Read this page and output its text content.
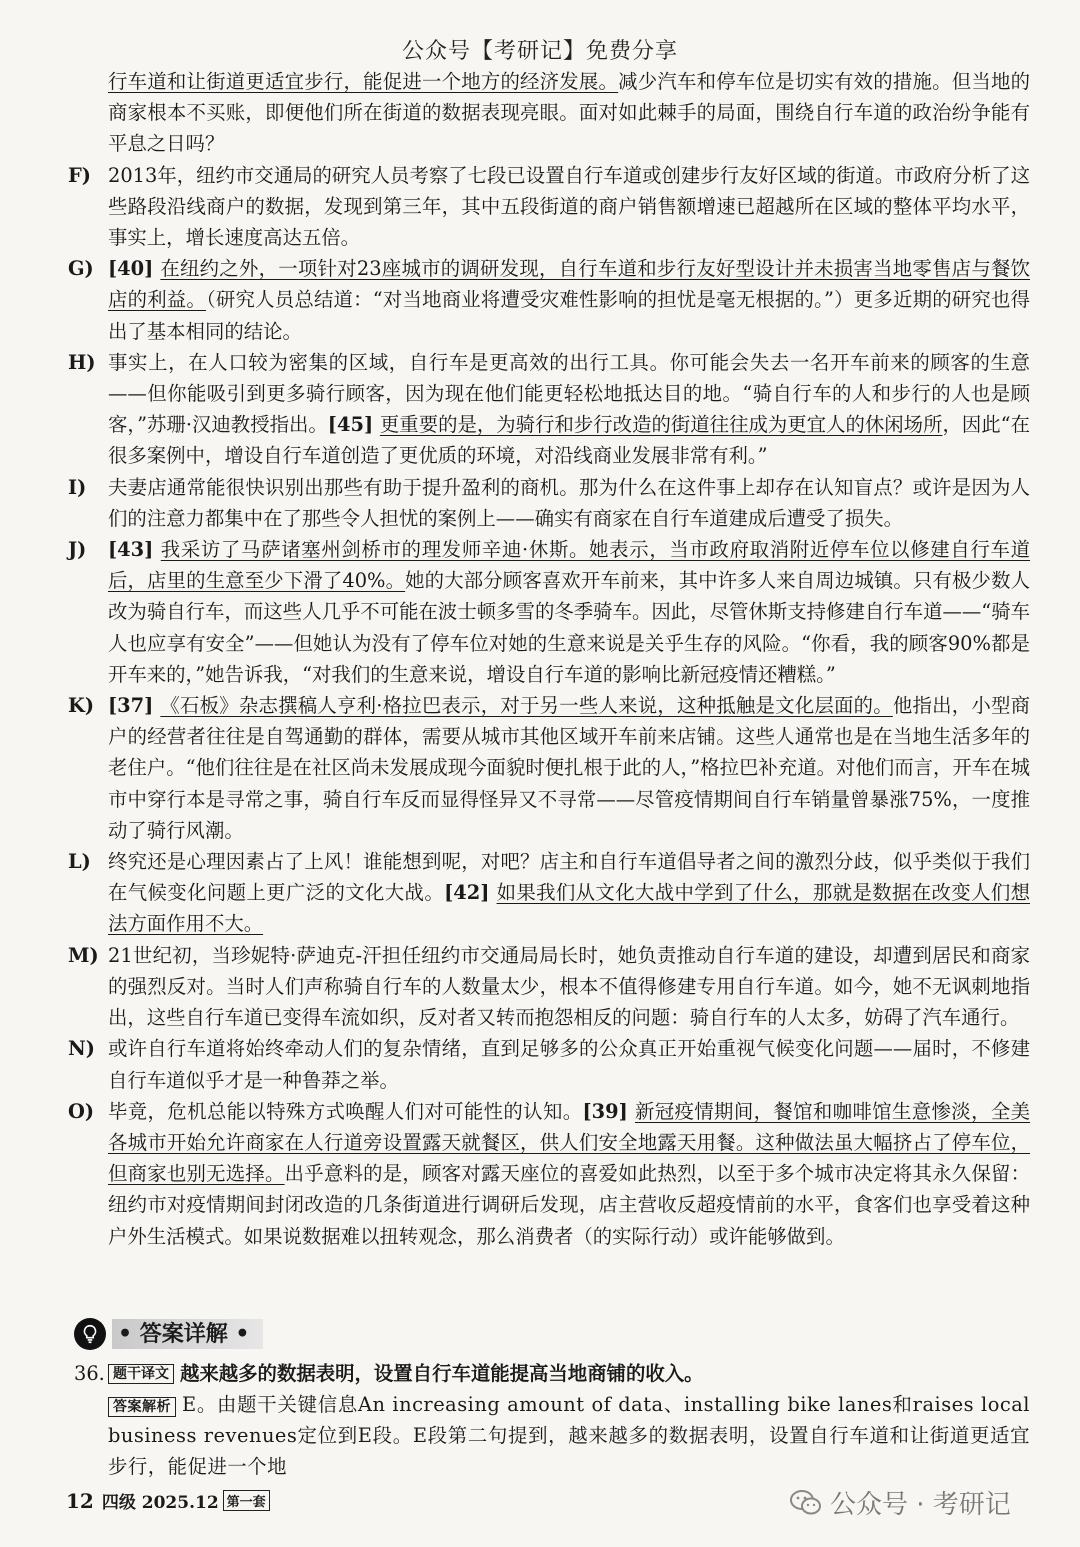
公众号【考研记】免费分享
行车道和让街道更适宜步行，能促进一个地方的经济发展。减少汽车和停车位是切实有效的措施。但当地的商家根本不买账，即便他们所在街道的数据表现亮眼。面对如此棘手的局面，围绕自行车道的政治纷争能有平息之日吗？
F) 2013年，纽约市交通局的研究人员考察了七段已设置自行车道或创建步行友好区域的街道。市政府分析了这些路段沿线商户的数据，发现到第三年，其中五段街道的商户销售额增速已超越所在区域的整体平均水平，事实上，增长速度高达五倍。
G) [40] 在纽约之外，一项针对23座城市的调研发现，自行车道和步行友好型设计并未损害当地零售店与餐饮店的利益。（研究人员总结道：“对当地商业将遭受灾难性影响的担忧是毫无根据的。”）更多近期的研究也得出了基本相同的结论。
H) 事实上，在人口较为密集的区域，自行车是更高效的出行工具。你可能会失去一名开车前来的顾客的生意——但你能吸引到更多骑行顾客，因为现在他们能更轻松地抵达目的地。“骑自行车的人和步行的人也是顾客，”苏珊·汉迪教授指出。[45] 更重要的是，为骑行和步行改造的街道往往成为更宜人的休闲场所，因此“在很多案例中，增设自行车道创造了更优质的环境，对沿线商业发展非常有利。”
I)	夫妻店通常能很快识别出那些有助于提升盈利的商机。那为什么在这件事上却存在认知盲点？或许是因为人们的注意力都集中在了那些令人担忧的案例上——确实有商家在自行车道建成后遭受了损失。
J)	[43] 我采访了马萨诸塞州剑桥市的理发师辛迪·休斯。她表示，当市政府取消附近停车位以修建自行车道后，店里的生意至少下滑了40%。她的大部分顾客喜欢开车前来，其中许多人来自周边城镇。只有极少数人改为骑自行车，而这些人几乎不可能在波士顿多雪的冬季骑车。因此，尽管休斯支持修建自行车道——“骑车人也应享有安全”——但她认为没有了停车位对她的生意来说是关乎生存的风险。“你看，我的顾客90%都是开车来的，”她告诉我，“对我们的生意来说，增设自行车道的影响比新冠疫情还糟糕。”
K) [37] 《石板》杂志撰稿人亨利·格拉巴表示，对于另一些人来说，这种抵触是文化层面的。他指出，小型商户的经营者往往是自驾通勤的群体，需要从城市其他区域开车前来店铺。这些人通常也是在当地生活多年的老住户。“他们往往是在社区尚未发展成现今面貌时便扎根于此的人，”格拉巴补充道。对他们而言，开车在城市中穿行本是寻常之事，骑自行车反而显得怪异又不寻常——尽管疫情期间自行车销量曾暴涨75%，一度推动了骑行风潮。
L) 终究还是心理因素占了上风！谁能想到呢，对吧？店主和自行车道倡导者之间的激烈分歧，似乎类似于我们在气候变化问题上更广泛的文化大战。[42] 如果我们从文化大战中学到了什么，那就是数据在改变人们想法方面作用不大。
M) 21世纪初，当珍妮特·萨迪克-汗担任纽约市交通局局长时，她负责推动自行车道的建设，却遭到居民和商家的强烈反对。当时人们声称骑自行车的人数量太少，根本不值得修建专用自行车道。如今，她不无讽刺地指出，这些自行车道已变得车流如织，反对者又转而抱怨相反的问题：骑自行车的人太多，妨碍了汽车通行。
N) 或许自行车道将始终牵动人们的复杂情绪，直到足够多的公众真正开始重视气候变化问题——届时，不修建自行车道似乎才是一种鲁莽之举。
O) 毕竟，危机总能以特殊方式唤醒人们对可能性的认知。[39] 新冠疫情期间，餐馆和咖啡馆生意惨淡，全美各城市开始允许商家在人行道旁设置露天就餐区，供人们安全地露天用餐。这种做法虽大幅挤占了停车位，但商家也别无选择。出乎意料的是，顾客对露天座位的喜爱如此热烈，以至于多个城市决定将其永久保留：纽约市对疫情期间封闭改造的几条街道进行调研后发现，店主营收反超疫情前的水平，食客们也享受着这种户外生活模式。如果说数据难以扭转观念，那么消费者（的实际行动）或许能够做到。
• 答案详解 •
36. 题干译文 越来越多的数据表明，设置自行车道能提高当地商铺的收入。
答案解析 E。由题干关键信息An increasing amount of data、installing bike lanes和raises local business revenues定位到E段。E段第二句提到，越来越多的数据表明，设置自行车道和让街道更适宜步行，能促进一个地
12 四级 2025.12 第一套	公众号 · 考研记
